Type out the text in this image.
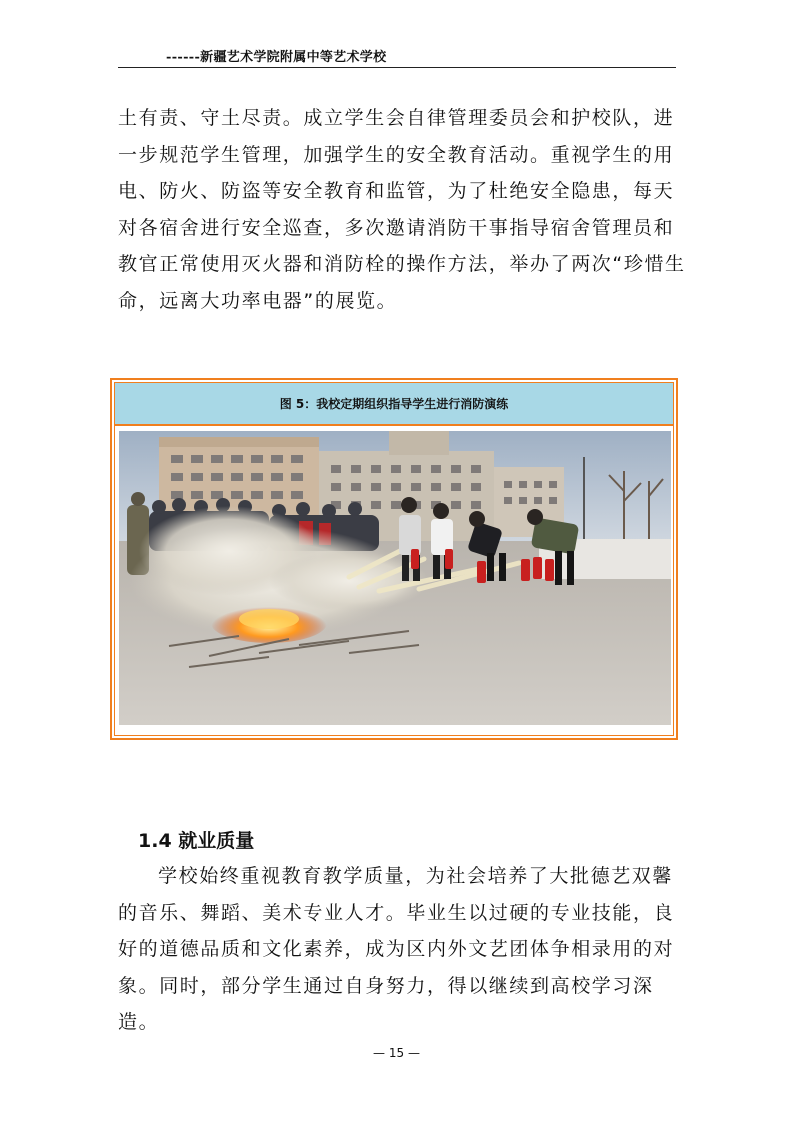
------新疆艺术学院附属中等艺术学校
土有责、守土尽责。成立学生会自律管理委员会和护校队，进一步规范学生管理，加强学生的安全教育活动。重视学生的用电、防火、防盗等安全教育和监管，为了杜绝安全隐患，每天对各宿舍进行安全巡查，多次邀请消防干事指导宿舍管理员和教官正常使用灭火器和消防栓的操作方法，举办了两次“珍惜生命，远离大功率电器”的展览。
图 5：我校定期组织指导学生进行消防演练
1.4 就业质量
学校始终重视教育教学质量，为社会培养了大批德艺双馨的音乐、舞蹈、美术专业人才。毕业生以过硬的专业技能，良好的道德品质和文化素养，成为区内外文艺团体争相录用的对象。同时，部分学生通过自身努力，得以继续到高校学习深造。
— 15 —
